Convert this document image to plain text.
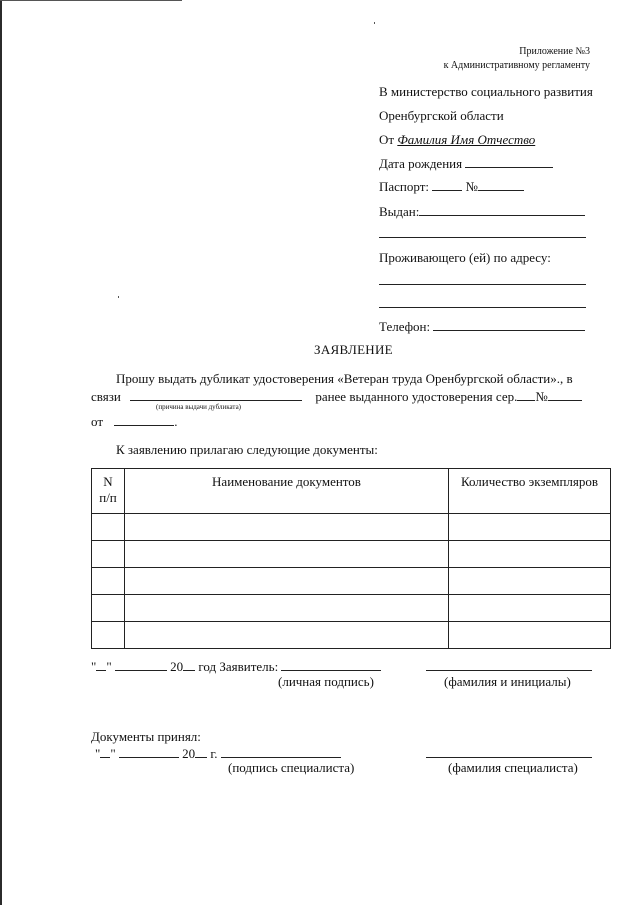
Приложение №3
к Административному регламенту
В министерство социального развития
Оренбургской области
От Фамилия Имя Отчество
Дата рождения
Паспорт:	№
Выдан:
Проживающего (ей) по адресу:
Телефон:
ЗАЯВЛЕНИЕ
Прошу выдать дубликат удостоверения «Ветеран труда Оренбургской области»., в
связи	ранее выданного удостоверения сер. №
(причина выдачи дубликата)
от	.
К заявлению прилагаю следующие документы:
N п/п	Наименование документов	Количество экземпляров

" "	20 год Заявитель:
(личная подпись)	(фамилия и инициалы)
Документы принял:
" "	20 г.
(подпись специалиста)	(фамилия специалиста)
